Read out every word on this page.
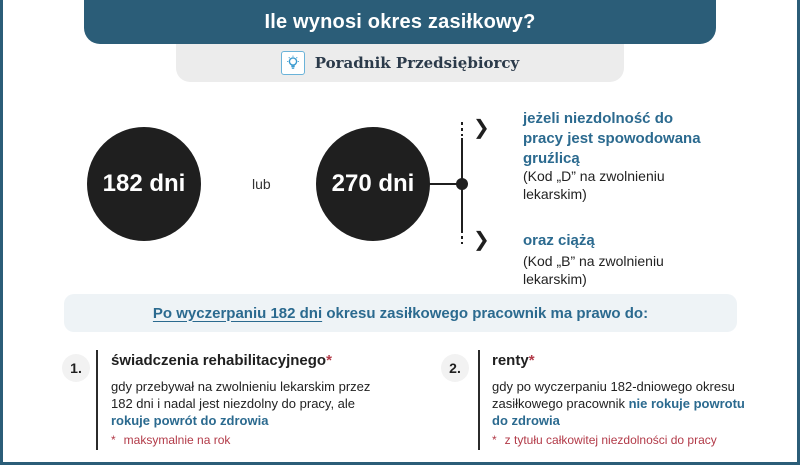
Ile wynosi okres zasiłkowy?
Poradnik Przedsiębiorcy
182 dni	lub	270 dni
❯
❯
jeżeli niezdolność do pracy jest spowodowana gruźlicą
(Kod „D” na zwolnieniu lekarskim)
oraz ciążą
(Kod „B” na zwolnieniu lekarskim)
Po wyczerpaniu 182 dni
okresu zasiłkowego pracownik ma prawo do:
1.	świadczenia rehabilitacyjnego*
gdy przebywał na zwolnieniu lekarskim przez 182 dni i nadal jest niezdolny do pracy, ale rokuje powrót do zdrowia
* maksymalnie na rok
2.	renty*
gdy po wyczerpaniu 182-dniowego okresu zasiłkowego pracownik nie rokuje powrotu do zdrowia
* z tytułu całkowitej niezdolności do pracy
